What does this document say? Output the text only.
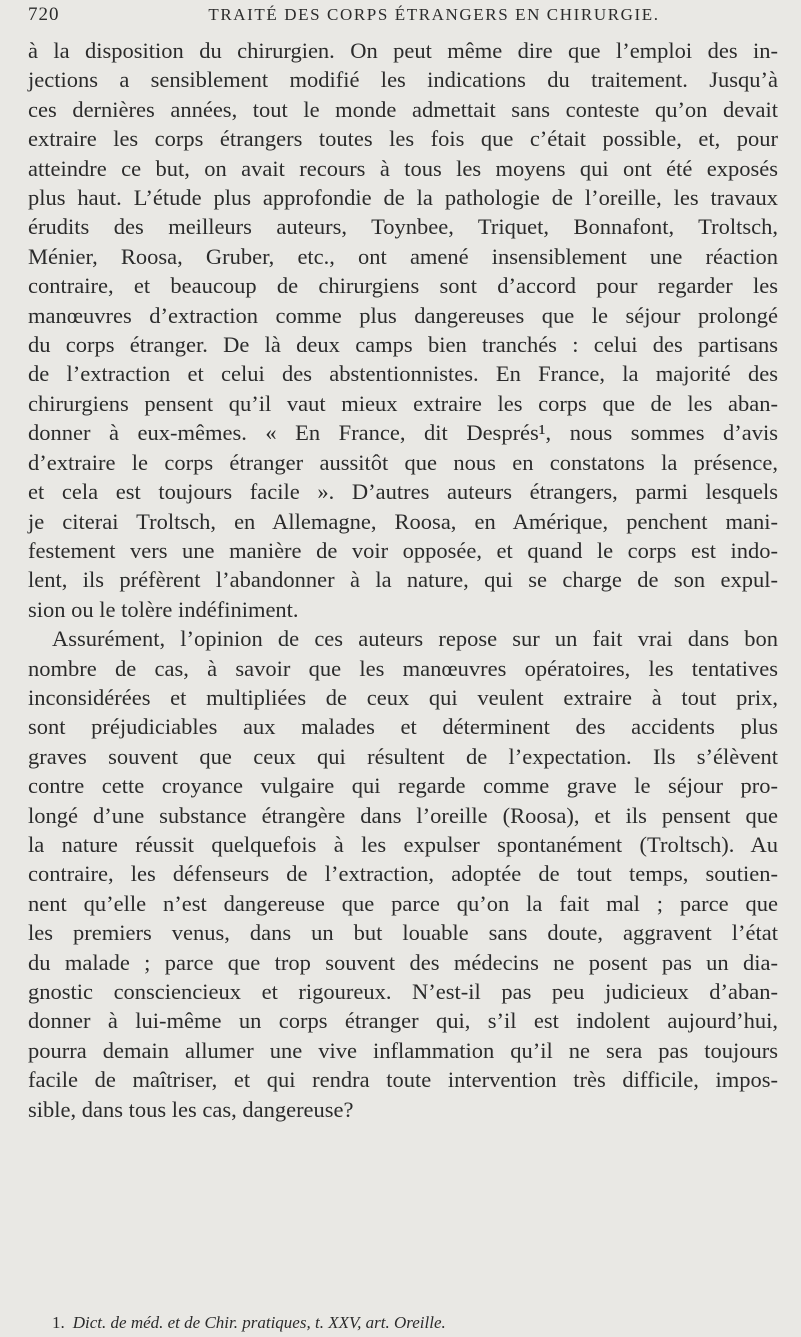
720	TRAITÉ DES CORPS ÉTRANGERS EN CHIRURGIE.
à la disposition du chirurgien. On peut même dire que l’emploi des in-
jections a sensiblement modifié les indications du traitement. Jusqu’à
ces dernières années, tout le monde admettait sans conteste qu’on devait
extraire les corps étrangers toutes les fois que c’était possible, et, pour
atteindre ce but, on avait recours à tous les moyens qui ont été exposés
plus haut. L’étude plus approfondie de la pathologie de l’oreille, les travaux
érudits des meilleurs auteurs, Toynbee, Triquet, Bonnafont, Troltsch,
Ménier, Roosa, Gruber, etc., ont amené insensiblement une réaction
contraire, et beaucoup de chirurgiens sont d’accord pour regarder les
manœuvres d’extraction comme plus dangereuses que le séjour prolongé
du corps étranger. De là deux camps bien tranchés : celui des partisans
de l’extraction et celui des abstentionnistes. En France, la majorité des
chirurgiens pensent qu’il vaut mieux extraire les corps que de les aban-
donner à eux-mêmes. « En France, dit Després¹, nous sommes d’avis
d’extraire le corps étranger aussitôt que nous en constatons la présence,
et cela est toujours facile ». D’autres auteurs étrangers, parmi lesquels
je citerai Troltsch, en Allemagne, Roosa, en Amérique, penchent mani-
festement vers une manière de voir opposée, et quand le corps est indo-
lent, ils préfèrent l’abandonner à la nature, qui se charge de son expul-
sion ou le tolère indéfiniment.
Assurément, l’opinion de ces auteurs repose sur un fait vrai dans bon
nombre de cas, à savoir que les manœuvres opératoires, les tentatives
inconsidérées et multipliées de ceux qui veulent extraire à tout prix,
sont préjudiciables aux malades et déterminent des accidents plus
graves souvent que ceux qui résultent de l’expectation. Ils s’élèvent
contre cette croyance vulgaire qui regarde comme grave le séjour pro-
longé d’une substance étrangère dans l’oreille (Roosa), et ils pensent que
la nature réussit quelquefois à les expulser spontanément (Troltsch). Au
contraire, les défenseurs de l’extraction, adoptée de tout temps, soutien-
nent qu’elle n’est dangereuse que parce qu’on la fait mal ; parce que
les premiers venus, dans un but louable sans doute, aggravent l’état
du malade ; parce que trop souvent des médecins ne posent pas un dia-
gnostic consciencieux et rigoureux. N’est-il pas peu judicieux d’aban-
donner à lui-même un corps étranger qui, s’il est indolent aujourd’hui,
pourra demain allumer une vive inflammation qu’il ne sera pas toujours
facile de maîtriser, et qui rendra toute intervention très difficile, impos-
sible, dans tous les cas, dangereuse?
1. Dict. de méd. et de Chir. pratiques, t. XXV, art. Oreille.
